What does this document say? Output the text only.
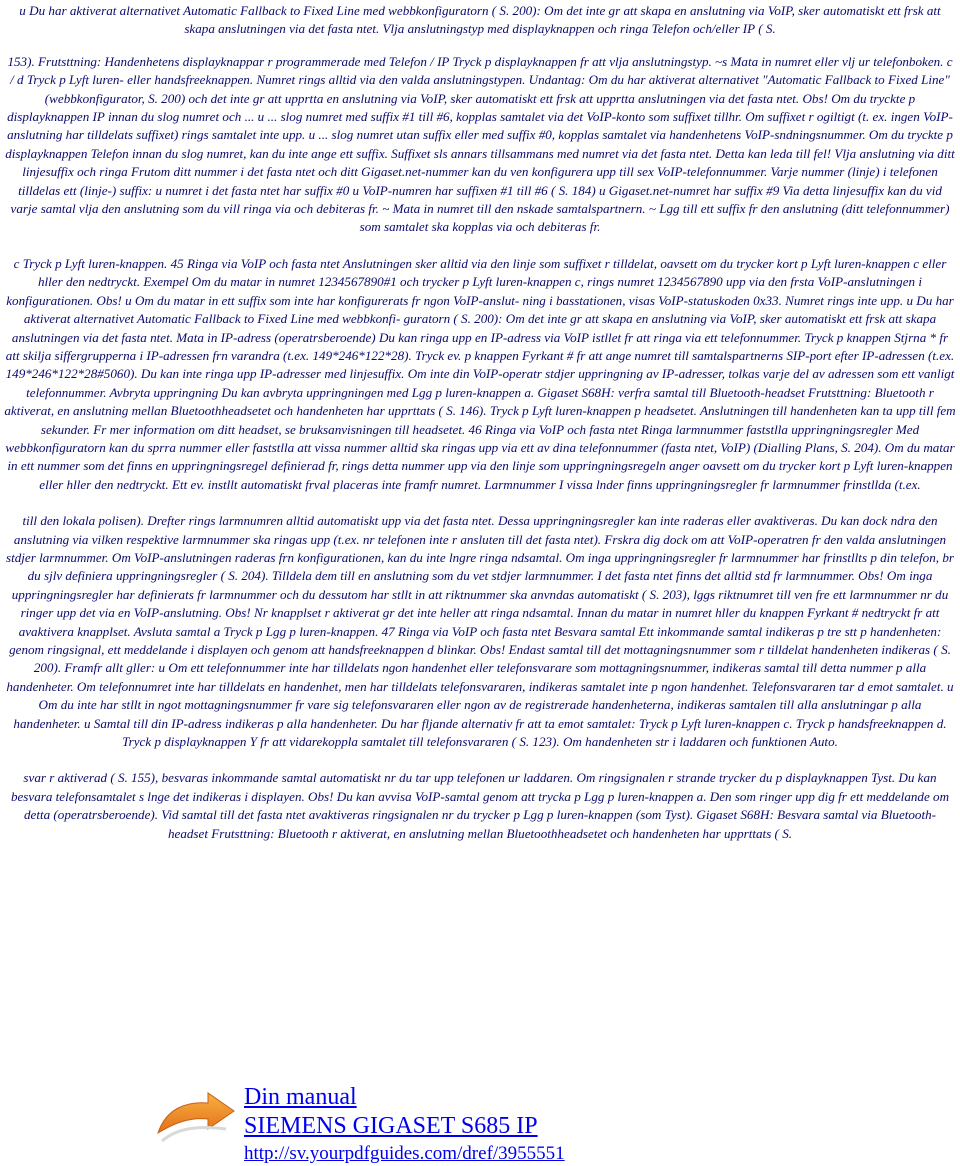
u Du har aktiverat alternativet Automatic Fallback to Fixed Line med webbkonfiguratorn ( S. 200): Om det inte gr att skapa en anslutning via VoIP, sker automatiskt ett frsk att skapa anslutningen via det fasta ntet. Vlja anslutningstyp med displayknappen och ringa Telefon och/eller IP ( S.

153). Frutsttning: Handenhetens displayknappar r programmerade med Telefon / IP Tryck p displayknappen fr att vlja anslutningstyp. ~s Mata in numret eller vlj ur telefonboken. c / d Tryck p Lyft luren- eller handsfreeknappen. Numret rings alltid via den valda anslutningstypen. Undantag: Om du har aktiverat alternativet "Automatic Fallback to Fixed Line" (webbkonfigurator, S. 200) och det inte gr att upprtta en anslutning via VoIP, sker automatiskt ett frsk att upprtta anslutningen via det fasta ntet. Obs! Om du tryckte p displayknappen IP innan du slog numret och ... u ... slog numret med suffix #1 till #6, kopplas samtalet via det VoIP-konto som suffixet tillhr. Om suffixet r ogiltigt (t. ex. ingen VoIP-anslutning har tilldelats suffixet) rings samtalet inte upp. u ... slog numret utan suffix eller med suffix #0, kopplas samtalet via handenhetens VoIP-sndningsnummer. Om du tryckte p displayknappen Telefon innan du slog numret, kan du inte ange ett suffix. Suffixet sls annars tillsammans med numret via det fasta ntet. Detta kan leda till fel! Vlja anslutning via ditt linjesuffix och ringa Frutom ditt nummer i det fasta ntet och ditt Gigaset.net-nummer kan du ven konfigurera upp till sex VoIP-telefonnummer. Varje nummer (linje) i telefonen tilldelas ett (linje-) suffix: u numret i det fasta ntet har suffix #0 u VoIP-numren har suffixen #1 till #6 ( S. 184) u Gigaset.net-numret har suffix #9 Via detta linjesuffix kan du vid varje samtal vlja den anslutning som du vill ringa via och debiteras fr. ~ Mata in numret till den nskade samtalspartnern. ~ Lgg till ett suffix fr den anslutning (ditt telefonnummer) som samtalet ska kopplas via och debiteras fr.

c Tryck p Lyft luren-knappen. 45 Ringa via VoIP och fasta ntet Anslutningen sker alltid via den linje som suffixet r tilldelat, oavsett om du trycker kort p Lyft luren-knappen c eller hller den nedtryckt. Exempel Om du matar in numret 1234567890#1 och trycker p Lyft luren-knappen c, rings numret 1234567890 upp via den frsta VoIP-anslutningen i konfigurationen. Obs! u Om du matar in ett suffix som inte har konfigurerats fr ngon VoIP-anslut- ning i basstationen, visas VoIP-statuskoden 0x33. Numret rings inte upp. u Du har aktiverat alternativet Automatic Fallback to Fixed Line med webbkonfi- guratorn ( S. 200): Om det inte gr att skapa en anslutning via VoIP, sker automatiskt ett frsk att skapa anslutningen via det fasta ntet. Mata in IP-adress (operatrsberoende) Du kan ringa upp en IP-adress via VoIP istllet fr att ringa via ett telefonnummer. Tryck p knappen Stjrna * fr att skilja siffergrupperna i IP-adressen frn varandra (t.ex. 149*246*122*28). Tryck ev. p knappen Fyrkant # fr att ange numret till samtalspartnerns SIP-port efter IP-adressen (t.ex. 149*246*122*28#5060). Du kan inte ringa upp IP-adresser med linjesuffix. Om inte din VoIP-operatr stdjer uppringning av IP-adresser, tolkas varje del av adressen som ett vanligt telefonnummer. Avbryta uppringning Du kan avbryta uppringningen med Lgg p luren-knappen a. Gigaset S68H: verfra samtal till Bluetooth-headset Frutsttning: Bluetooth r aktiverat, en anslutning mellan Bluetoothheadsetet och handenheten har upprttats ( S. 146). Tryck p Lyft luren-knappen p headsetet. Anslutningen till handenheten kan ta upp till fem sekunder. Fr mer information om ditt headset, se bruksanvisningen till headsetet. 46 Ringa via VoIP och fasta ntet Ringa larmnummer faststlla uppringningsregler Med webbkonfiguratorn kan du sprra nummer eller faststlla att vissa nummer alltid ska ringas upp via ett av dina telefonnummer (fasta ntet, VoIP) (Dialling Plans, S. 204). Om du matar in ett nummer som det finns en uppringningsregel definierad fr, rings detta nummer upp via den linje som uppringningsregeln anger oavsett om du trycker kort p Lyft luren-knappen eller hller den nedtryckt. Ett ev. instllt automatiskt frval placeras inte framfr numret. Larmnummer I vissa lnder finns uppringningsregler fr larmnummer frinstllda (t.ex.

till den lokala polisen). Drefter rings larmnumren alltid automatiskt upp via det fasta ntet. Dessa uppringningsregler kan inte raderas eller avaktiveras. Du kan dock ndra den anslutning via vilken respektive larmnummer ska ringas upp (t.ex. nr telefonen inte r ansluten till det fasta ntet). Frskra dig dock om att VoIP-operatren fr den valda anslutningen stdjer larmnummer. Om VoIP-anslutningen raderas frn konfigurationen, kan du inte lngre ringa ndsamtal. Om inga uppringningsregler fr larmnummer har frinstllts p din telefon, br du sjlv definiera uppringningsregler ( S. 204). Tilldela dem till en anslutning som du vet stdjer larmnummer. I det fasta ntet finns det alltid std fr larmnummer. Obs! Om inga uppringningsregler har definierats fr larmnummer och du dessutom har stllt in att riktnummer ska anvndas automatiskt ( S. 203), lggs riktnumret till ven fre ett larmnummer nr du ringer upp det via en VoIP-anslutning. Obs! Nr knapplset r aktiverat gr det inte heller att ringa ndsamtal. Innan du matar in numret hller du knappen Fyrkant # nedtryckt fr att avaktivera knapplset. Avsluta samtal a Tryck p Lgg p luren-knappen. 47 Ringa via VoIP och fasta ntet Besvara samtal Ett inkommande samtal indikeras p tre stt p handenheten: genom ringsignal, ett meddelande i displayen och genom att handsfreeknappen d blinkar. Obs! Endast samtal till det mottagningsnummer som r tilldelat handenheten indikeras ( S. 200). Framfr allt gller: u Om ett telefonnummer inte har tilldelats ngon handenhet eller telefonsvarare som mottagningsnummer, indikeras samtal till detta nummer p alla handenheter. Om telefonnumret inte har tilldelats en handenhet, men har tilldelats telefonsvararen, indikeras samtalet inte p ngon handenhet. Telefonsvararen tar d emot samtalet. u Om du inte har stllt in ngot mottagningsnummer fr vare sig telefonsvararen eller ngon av de registrerade handenheterna, indikeras samtalen till alla anslutningar p alla handenheter. u Samtal till din IP-adress indikeras p alla handenheter. Du har fljande alternativ fr att ta emot samtalet: Tryck p Lyft luren-knappen c. Tryck p handsfreeknappen d. Tryck p displayknappen Y fr att vidarekoppla samtalet till telefonsvararen ( S. 123). Om handenheten str i laddaren och funktionen Auto.

svar r aktiverad ( S. 155), besvaras inkommande samtal automatiskt nr du tar upp telefonen ur laddaren. Om ringsignalen r strande trycker du p displayknappen Tyst. Du kan besvara telefonsamtalet s lnge det indikeras i displayen. Obs! Du kan avvisa VoIP-samtal genom att trycka p Lgg p luren-knappen a. Den som ringer upp dig fr ett meddelande om detta (operatrsberoende). Vid samtal till det fasta ntet avaktiveras ringsignalen nr du trycker p Lgg p luren-knappen (som Tyst). Gigaset S68H: Besvara samtal via Bluetooth-headset Frutsttning: Bluetooth r aktiverat, en anslutning mellan Bluetoothheadsetet och handenheten har upprttats ( S.

Din manual
SIEMENS GIGASET S685 IP
http://sv.yourpdfguides.com/dref/3955551
